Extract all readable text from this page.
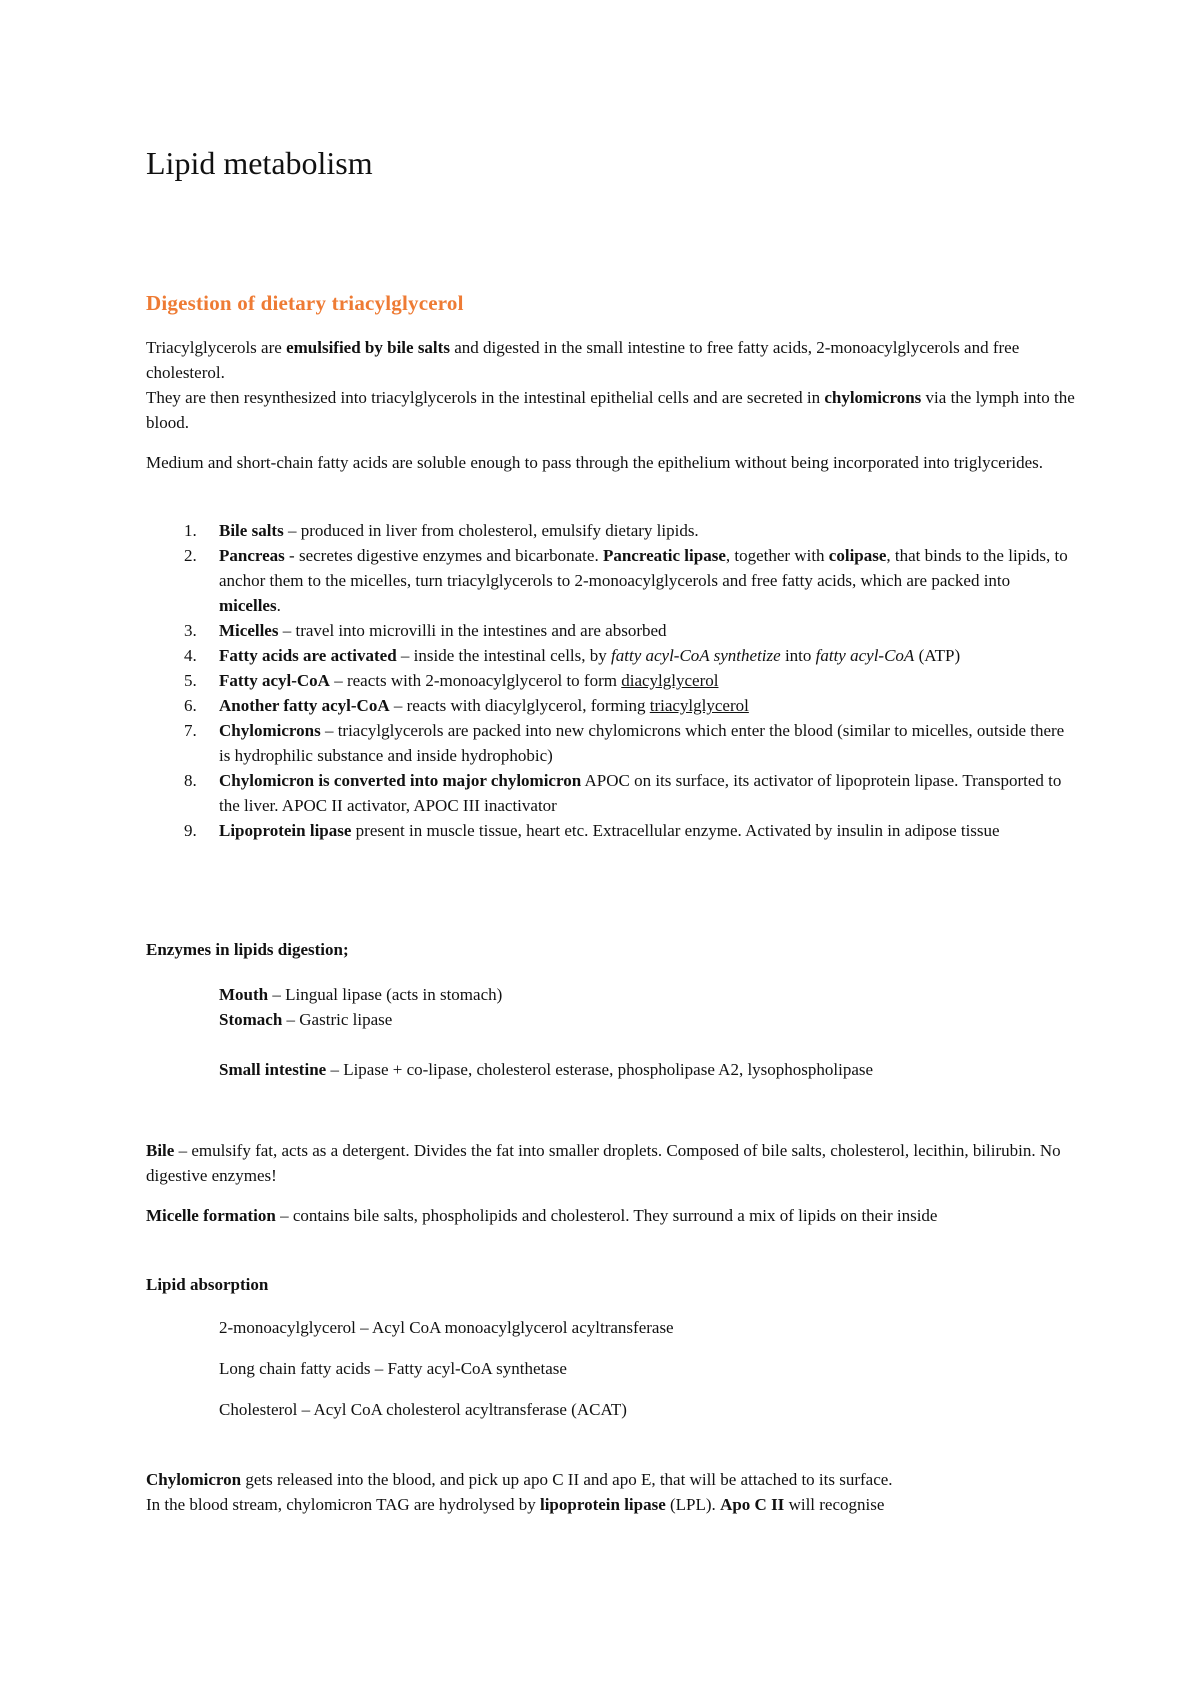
Lipid metabolism
Digestion of dietary triacylglycerol

Triacylglycerols are emulsified by bile salts and digested in the small intestine to free fatty acids, 2-monoacylglycerols and free cholesterol.
They are then resynthesized into triacylglycerols in the intestinal epithelial cells and are secreted in chylomicrons via the lymph into the blood.

Medium and short-chain fatty acids are soluble enough to pass through the epithelium without being incorporated into triglycerides.

1. Bile salts – produced in liver from cholesterol, emulsify dietary lipids.
2. Pancreas - secretes digestive enzymes and bicarbonate. Pancreatic lipase, together with colipase, that binds to the lipids, to anchor them to the micelles, turn triacylglycerols to 2-monoacylglycerols and free fatty acids, which are packed into micelles.
3. Micelles – travel into microvilli in the intestines and are absorbed
4. Fatty acids are activated – inside the intestinal cells, by fatty acyl-CoA synthetize into fatty acyl-CoA (ATP)
5. Fatty acyl-CoA – reacts with 2-monoacylglycerol to form diacylglycerol
6. Another fatty acyl-CoA – reacts with diacylglycerol, forming triacylglycerol
7. Chylomicrons – triacylglycerols are packed into new chylomicrons which enter the blood (similar to micelles, outside there is hydrophilic substance and inside hydrophobic)
8. Chylomicron is converted into major chylomicron APOC on its surface, its activator of lipoprotein lipase. Transported to the liver. APOC II activator, APOC III inactivator
9. Lipoprotein lipase present in muscle tissue, heart etc. Extracellular enzyme. Activated by insulin in adipose tissue

Enzymes in lipids digestion;

Mouth – Lingual lipase (acts in stomach)

Stomach – Gastric lipase

Small intestine – Lipase + co-lipase, cholesterol esterase, phospholipase A2, lysophospholipase

Bile – emulsify fat, acts as a detergent. Divides the fat into smaller droplets. Composed of bile salts, cholesterol, lecithin, bilirubin. No digestive enzymes!

Micelle formation – contains bile salts, phospholipids and cholesterol. They surround a mix of lipids on their inside

Lipid absorption

2-monoacylglycerol – Acyl CoA monoacylglycerol acyltransferase

Long chain fatty acids – Fatty acyl-CoA synthetase

Cholesterol – Acyl CoA cholesterol acyltransferase (ACAT)

Chylomicron gets released into the blood, and pick up apo C II and apo E, that will be attached to its surface.
In the blood stream, chylomicron TAG are hydrolysed by lipoprotein lipase (LPL). Apo C II will recognise
